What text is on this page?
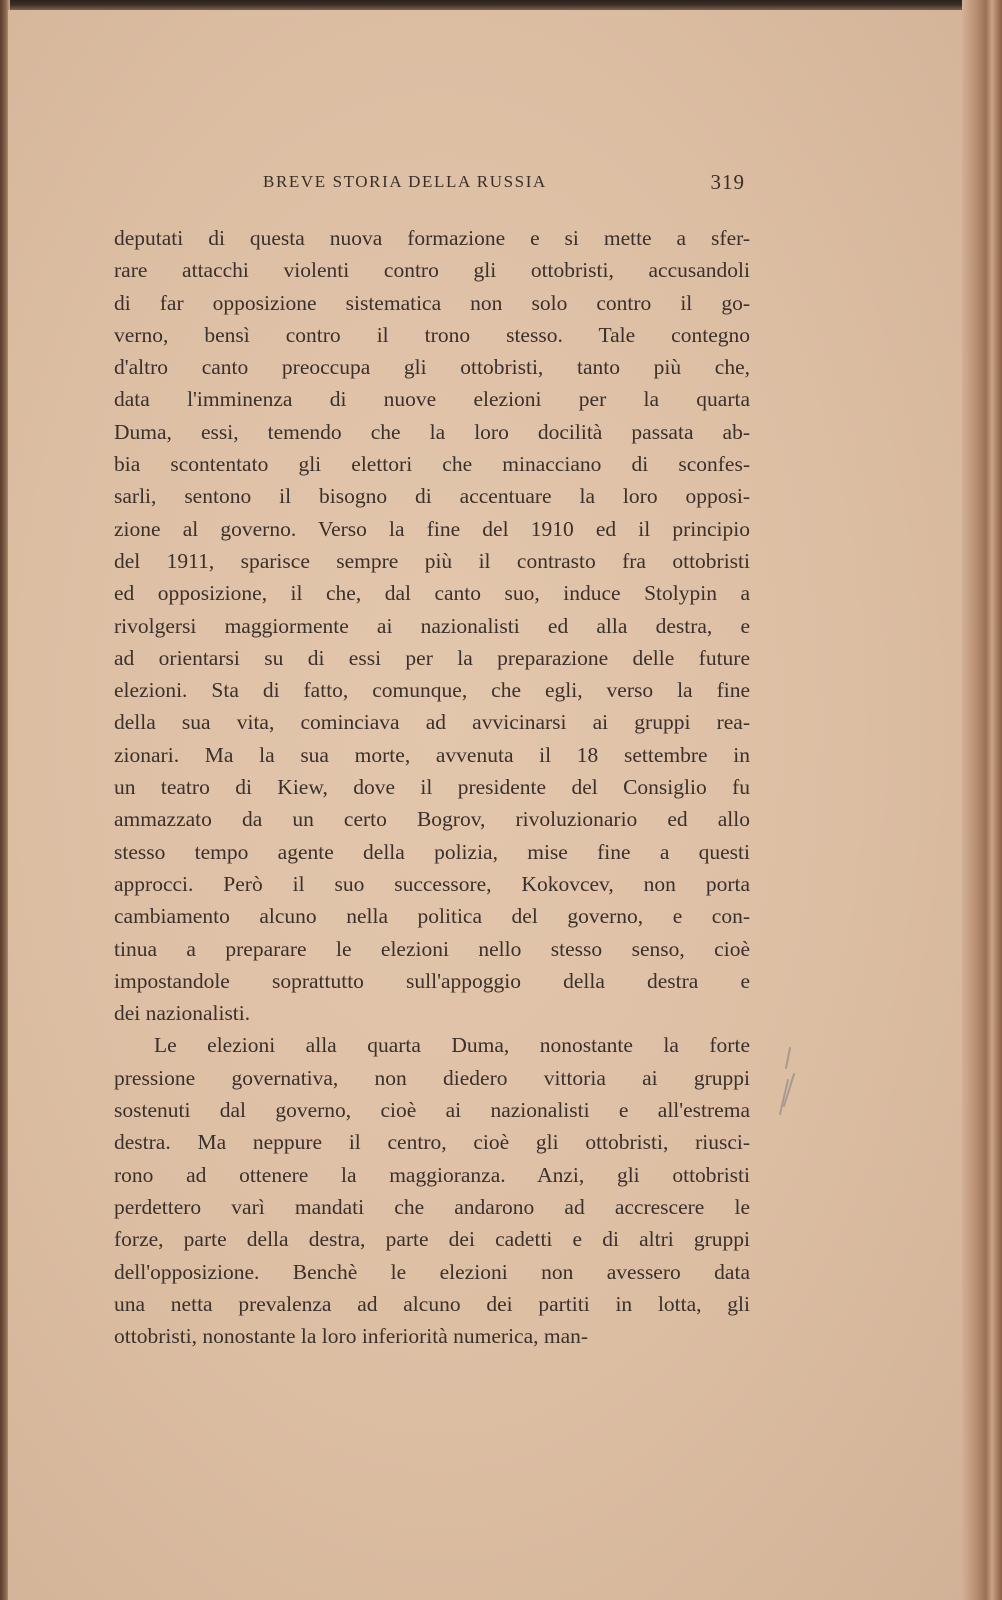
BREVE STORIA DELLA RUSSIA	319
deputati di questa nuova formazione e si mette a sfer-
rare attacchi violenti contro gli ottobristi, accusandoli
di far opposizione sistematica non solo contro il go-
verno, bensì contro il trono stesso. Tale contegno
d'altro canto preoccupa gli ottobristi, tanto più che,
data l'imminenza di nuove elezioni per la quarta
Duma, essi, temendo che la loro docilità passata ab-
bia scontentato gli elettori che minacciano di sconfes-
sarli, sentono il bisogno di accentuare la loro opposi-
zione al governo. Verso la fine del 1910 ed il principio
del 1911, sparisce sempre più il contrasto fra ottobristi
ed opposizione, il che, dal canto suo, induce Stolypin a
rivolgersi maggiormente ai nazionalisti ed alla destra, e
ad orientarsi su di essi per la preparazione delle future
elezioni. Sta di fatto, comunque, che egli, verso la fine
della sua vita, cominciava ad avvicinarsi ai gruppi rea-
zionari. Ma la sua morte, avvenuta il 18 settembre in
un teatro di Kiew, dove il presidente del Consiglio fu
ammazzato da un certo Bogrov, rivoluzionario ed allo
stesso tempo agente della polizia, mise fine a questi
approcci. Però il suo successore, Kokovcev, non porta
cambiamento alcuno nella politica del governo, e con-
tinua a preparare le elezioni nello stesso senso, cioè
impostandole soprattutto sull'appoggio della destra e
dei nazionalisti.
Le elezioni alla quarta Duma, nonostante la forte
pressione governativa, non diedero vittoria ai gruppi
sostenuti dal governo, cioè ai nazionalisti e all'estrema
destra. Ma neppure il centro, cioè gli ottobristi, riusci-
rono ad ottenere la maggioranza. Anzi, gli ottobristi
perdettero varì mandati che andarono ad accrescere le
forze, parte della destra, parte dei cadetti e di altri gruppi
dell'opposizione. Benchè le elezioni non avessero data
una netta prevalenza ad alcuno dei partiti in lotta, gli
ottobristi, nonostante la loro inferiorità numerica, man-
